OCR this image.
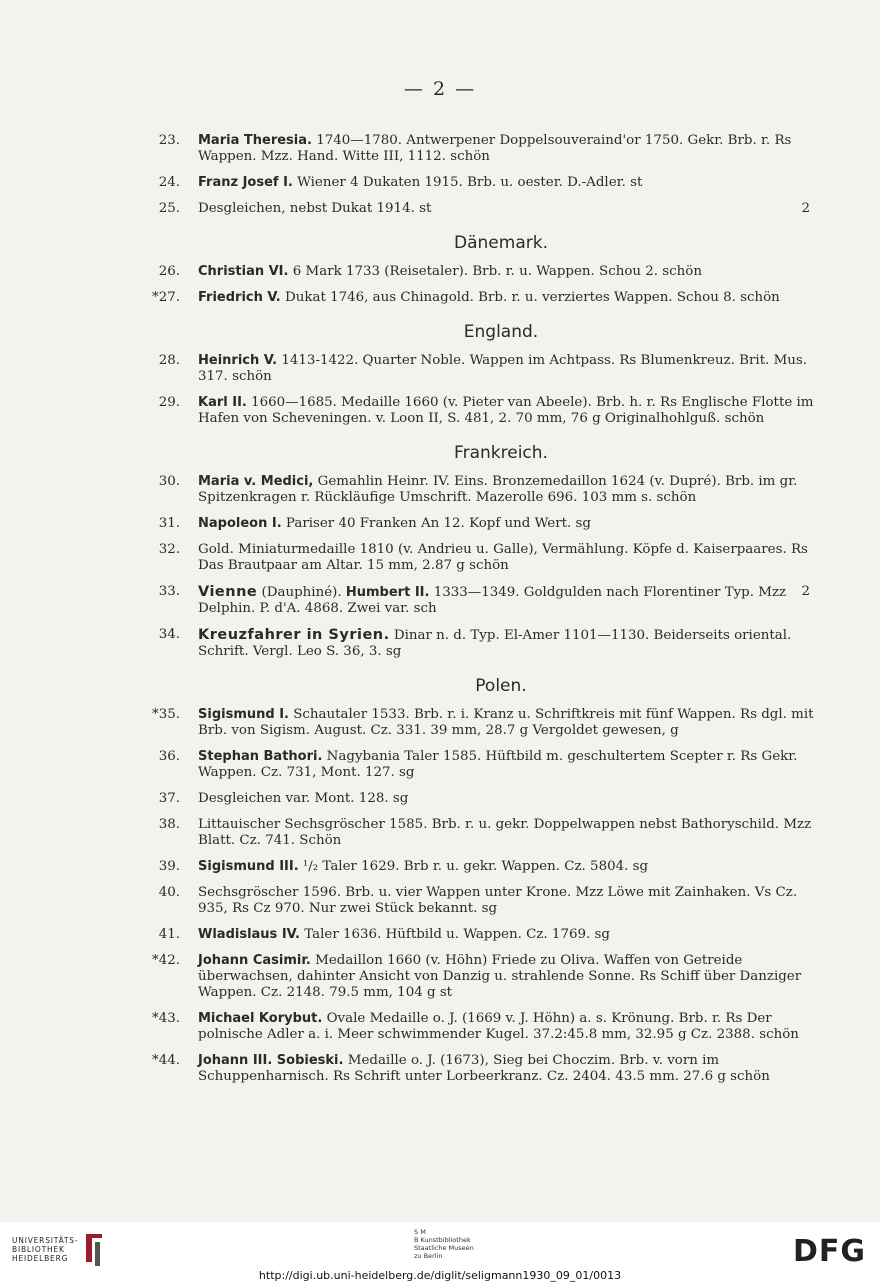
— 2 —
23. Maria Theresia. 1740—1780. Antwerpener Doppelsouveraind'or 1750. Gekr. Brb. r. Rs Wappen. Mzz. Hand. Witte III, 1112. schön
24. Franz Josef I. Wiener 4 Dukaten 1915. Brb. u. oester. D.-Adler. st
25. Desgleichen, nebst Dukat 1914. st	2
Dänemark.
26. Christian VI. 6 Mark 1733 (Reisetaler). Brb. r. u. Wappen. Schou 2. schön
*27. Friedrich V. Dukat 1746, aus Chinagold. Brb. r. u. verziertes Wappen. Schou 8. schön
England.
28. Heinrich V. 1413-1422. Quarter Noble. Wappen im Achtpass. Rs Blumenkreuz. Brit. Mus. 317. schön
29. Karl II. 1660—1685. Medaille 1660 (v. Pieter van Abeele). Brb. h. r. Rs Englische Flotte im Hafen von Scheveningen. v. Loon II, S. 481, 2. 70 mm, 76 g Originalhohlguß. schön
Frankreich.
30. Maria v. Medici, Gemahlin Heinr. IV. Eins. Bronzemedaillon 1624 (v. Dupré). Brb. im gr. Spitzenkragen r. Rückläufige Umschrift. Mazerolle 696. 103 mm s. schön
31. Napoleon I. Pariser 40 Franken An 12. Kopf und Wert. sg
32. Gold. Miniaturmedaille 1810 (v. Andrieu u. Galle), Vermählung. Köpfe d. Kaiserpaares. Rs Das Brautpaar am Altar. 15 mm, 2.87 g schön
33. Vienne (Dauphiné). Humbert II. 1333—1349. Goldgulden nach Florentiner Typ. Mzz Delphin. P. d'A. 4868. Zwei var. sch
2
34. Kreuzfahrer in Syrien. Dinar n. d. Typ. El-Amer 1101—1130. Beiderseits oriental. Schrift. Vergl. Leo S. 36, 3. sg
Polen.
*35. Sigismund I. Schautaler 1533. Brb. r. i. Kranz u. Schriftkreis mit fünf Wappen. Rs dgl. mit Brb. von Sigism. August. Cz. 331. 39 mm, 28.7 g Vergoldet gewesen, g
36. Stephan Bathori. Nagybania Taler 1585. Hüftbild m. geschultertem Scepter r. Rs Gekr. Wappen. Cz. 731, Mont. 127. sg
37. Desgleichen var. Mont. 128. sg
38. Littauischer Sechsgröscher 1585. Brb. r. u. gekr. Doppelwappen nebst Bathoryschild. Mzz Blatt. Cz. 741. Schön
39. Sigismund III. ¹/₂ Taler 1629. Brb r. u. gekr. Wappen. Cz. 5804. sg
40. Sechsgröscher 1596. Brb. u. vier Wappen unter Krone. Mzz Löwe mit Zainhaken. Vs Cz. 935, Rs Cz 970. Nur zwei Stück bekannt. sg
41. Wladislaus IV. Taler 1636. Hüftbild u. Wappen. Cz. 1769. sg
*42. Johann Casimir. Medaillon 1660 (v. Höhn) Friede zu Oliva. Waffen von Getreide überwachsen, dahinter Ansicht von Danzig u. strahlende Sonne. Rs Schiff über Danziger Wappen. Cz. 2148. 79.5 mm, 104 g st
*43. Michael Korybut. Ovale Medaille o. J. (1669 v. J. Höhn) a. s. Krönung. Brb. r. Rs Der polnische Adler a. i. Meer schwimmender Kugel. 37.2:45.8 mm, 32.95 g Cz. 2388. schön
*44. Johann III. Sobieski. Medaille o. J. (1673), Sieg bei Choczim. Brb. v. vorn im Schuppenharnisch. Rs Schrift unter Lorbeerkranz. Cz. 2404. 43.5 mm. 27.6 g schön
UNIVERSITÄTS-
BIBLIOTHEK
HEIDELBERG
S M
B Kunstbibliothek
Staatliche Museen
zu Berlin	DFG
http://digi.ub.uni-heidelberg.de/diglit/seligmann1930_09_01/0013
